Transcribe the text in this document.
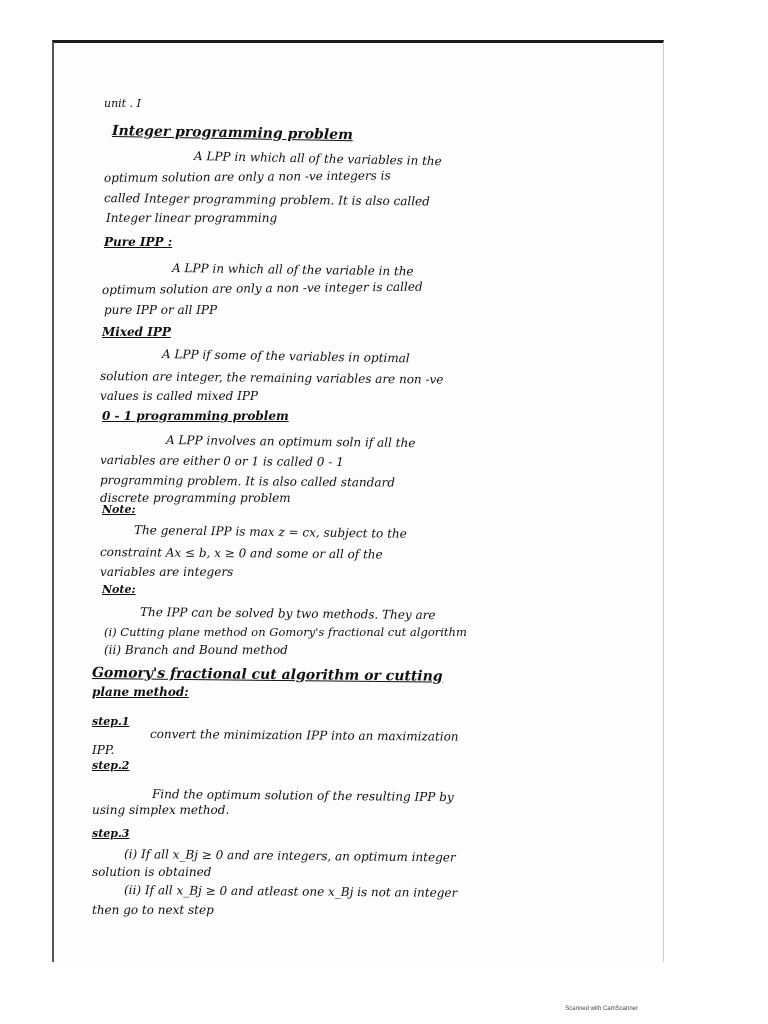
unit . I
Integer programming problem
A LPP in which all of the variables in the
optimum solution are only a non -ve integers is
called Integer programming problem. It is also called
Integer linear programming
Pure IPP :
A LPP in which all of the variable in the
optimum solution are only a non -ve integer is called
pure IPP or all IPP
Mixed IPP
A LPP if some of the variables in optimal
solution are integer, the remaining variables are non -ve
values is called mixed IPP
0 - 1 programming problem
A LPP involves an optimum soln if all the
variables are either 0 or 1 is called 0 - 1
programming problem. It is also called standard
discrete programming problem
Note:
The general IPP is max z = cx, subject to the
constraint Ax ≤ b, x ≥ 0 and some or all of the
variables are integers
Note:
The IPP can be solved by two methods. They are
(i) Cutting plane method on Gomory's fractional cut algorithm
(ii) Branch and Bound method
Gomory's fractional cut algorithm or cutting
plane method:
step.1
convert the minimization IPP into an maximization
IPP.
step.2
Find the optimum solution of the resulting IPP by
using simplex method.
step.3
(i) If all x_Bj ≥ 0 and are integers, an optimum integer
solution is obtained
(ii) If all x_Bj ≥ 0 and atleast one x_Bj is not an integer
then go to next step
Scanned with CamScanner
